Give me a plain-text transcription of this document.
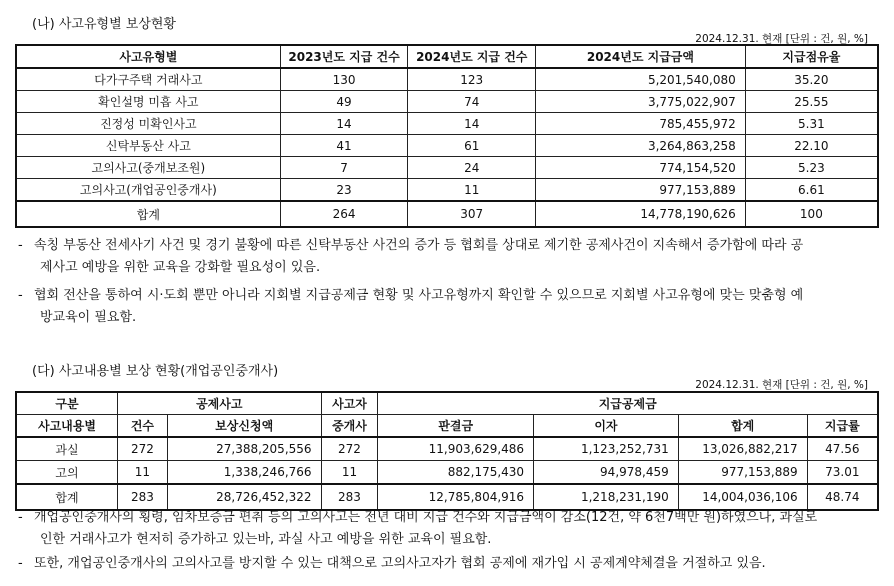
(나) 사고유형별 보상현황
2024.12.31. 현재 [단위 : 건, 원, %]
사고유형별	2023년도 지급 건수	2024년도 지급 건수	2024년도 지급금액	지급점유율
다가구주택 거래사고	130	123	5,201,540,080	35.20
확인설명 미흡 사고	49	74	3,775,022,907	25.55
진정성 미확인사고	14	14	785,455,972	5.31
신탁부동산 사고	41	61	3,264,863,258	22.10
고의사고(중개보조원)	7	24	774,154,520	5.23
고의사고(개업공인중개사)	23	11	977,153,889	6.61
합계	264	307	14,778,190,626	100
- 속칭 부동산 전세사기 사건 및 경기 불황에 따른 신탁부동산 사건의 증가 등 협회를 상대로 제기한 공제사건이 지속해서 증가함에 따라 공
제사고 예방을 위한 교육을 강화할 필요성이 있음.
- 협회 전산을 통하여 시·도회 뿐만 아니라 지회별 지급공제금 현황 및 사고유형까지 확인할 수 있으므로 지회별 사고유형에 맞는 맞춤형 예
방교육이 필요함.
(다) 사고내용별 보상 현황(개업공인중개사)
2024.12.31. 현재 [단위 : 건, 원, %]
구분	공제사고		사고자	지급공제금			
사고내용별	건수	보상신청액	중개사	판결금	이자	합계	지급률
과실	272	27,388,205,556	272	11,903,629,486	1,123,252,731	13,026,882,217	47.56
고의	11	1,338,246,766	11	882,175,430	94,978,459	977,153,889	73.01
합계	283	28,726,452,322	283	12,785,804,916	1,218,231,190	14,004,036,106	48.74
- 개업공인중개사의 횡령, 임차보증금 편취 등의 고의사고는 전년 대비 지급 건수와 지급금액이 감소(12건, 약 6천7백만 원)하였으나, 과실로
인한 거래사고가 현저히 증가하고 있는바, 과실 사고 예방을 위한 교육이 필요함.
- 또한, 개업공인중개사의 고의사고를 방지할 수 있는 대책으로 고의사고자가 협회 공제에 재가입 시 공제계약체결을 거절하고 있음.
